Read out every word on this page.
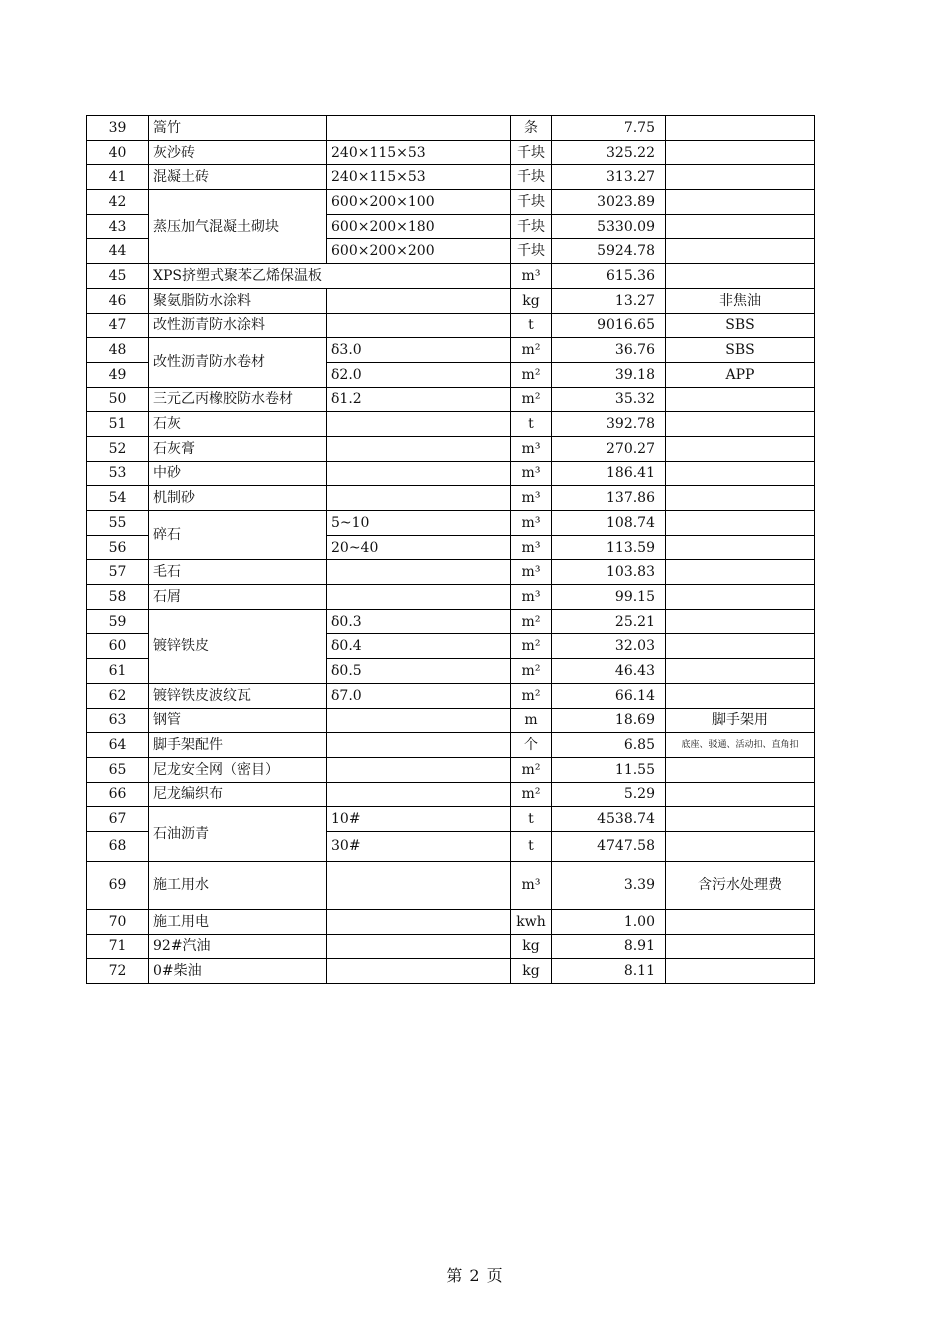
39	篙竹		条	7.75	
40	灰沙砖	240×115×53	千块	325.22	
41	混凝土砖	240×115×53	千块	313.27	
42	蒸压加气混凝土砌块	600×200×100	千块	3023.89	
43		600×200×180	千块	5330.09	
44		600×200×200	千块	5924.78	
45	XPS挤塑式聚苯乙烯保温板		m³	615.36	
46	聚氨脂防水涂料		kg	13.27	非焦油
47	改性沥青防水涂料		t	9016.65	SBS
48	改性沥青防水卷材	δ3.0	m²	36.76	SBS
49		δ2.0	m²	39.18	APP
50	三元乙丙橡胶防水卷材	δ1.2	m²	35.32	
51	石灰		t	392.78	
52	石灰膏		m³	270.27	
53	中砂		m³	186.41	
54	机制砂		m³	137.86	
55	碎石	5~10	m³	108.74	
56		20~40	m³	113.59	
57	毛石		m³	103.83	
58	石屑		m³	99.15	
59	镀锌铁皮	δ0.3	m²	25.21	
60		δ0.4	m²	32.03	
61		δ0.5	m²	46.43	
62	镀锌铁皮波纹瓦	δ7.0	m²	66.14	
63	钢管		m	18.69	脚手架用
64	脚手架配件		个	6.85	底座、驳通、活动扣、直角扣
65	尼龙安全网（密目）		m²	11.55	
66	尼龙编织布		m²	5.29	
67	石油沥青	10#	t	4538.74	
68		30#	t	4747.58	
69	施工用水		m³	3.39	含污水处理费
70	施工用电		kwh	1.00	
71	92#汽油		kg	8.91	
72	0#柴油		kg	8.11	
第 2 页
